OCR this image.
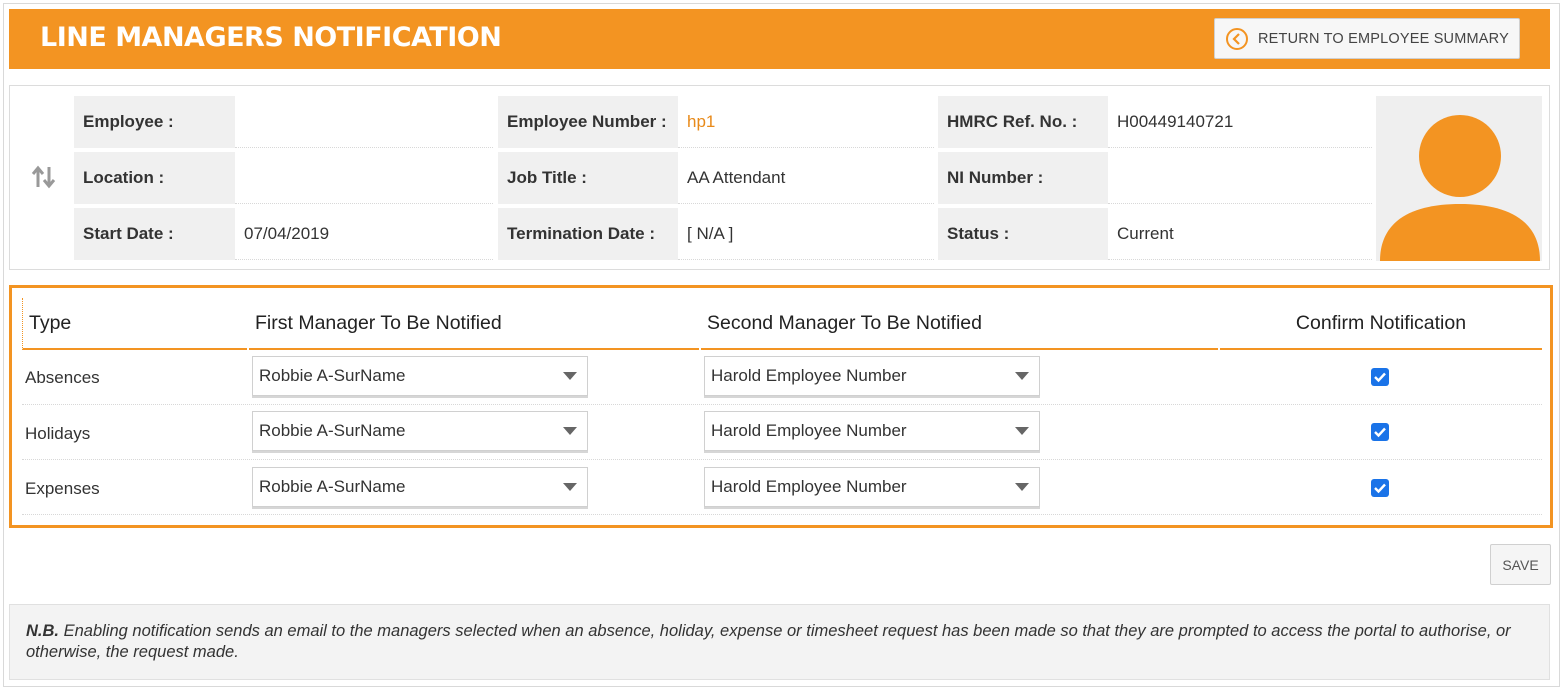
LINE MANAGERS NOTIFICATION	RETURN TO EMPLOYEE SUMMARY
Employee :	Employee Number :	hp1	HMRC Ref. No. :	H00449140721
Location :	Job Title :	AA Attendant	NI Number :
Start Date :	07/04/2019	Termination Date :	[ N/A ]	Status :	Current
Type	First Manager To Be Notified	Second Manager To Be Notified	Confirm Notification
Absences	Robbie A-SurName	Harold Employee Number
Holidays	Robbie A-SurName	Harold Employee Number
Expenses	Robbie A-SurName	Harold Employee Number
SAVE
N.B. Enabling notification sends an email to the managers selected when an absence, holiday, expense or timesheet request has been made so that they are prompted to access the portal to authorise, or otherwise, the request made.
